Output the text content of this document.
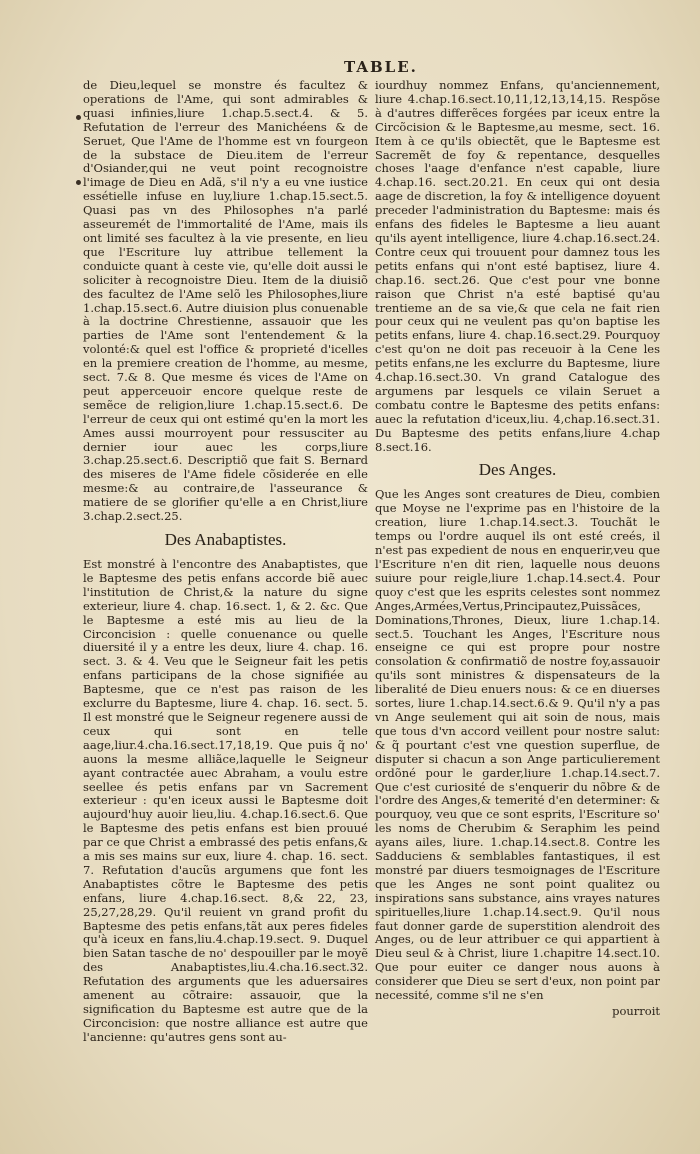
TABLE.

de Dieu,lequel se monstre és facultez & operations de l'Ame, qui sont admirables & quasi infinies,liure 1.chap.5.sect.4. & 5. Refutation de l'erreur des Manichéens & de Seruet, Que l'Ame de l'homme est vn fourgeon de la substace de Dieu.item de l'erreur d'Osiander,qui ne veut point recognoistre l'image de Dieu en Adã, s'il n'y a eu vne iustice essétielle infuse en luy,liure 1.chap.15.sect.5. Quasi pas vn des Philosophes n'a parlé asseuremét de l'immortalité de l'Ame, mais ils ont limité ses facultez à la vie presente, en lieu que l'Escriture luy attribue tellement la conduicte quant à ceste vie, qu'elle doit aussi le soliciter à recognoistre Dieu. Item de la diuisiõ des facultez de l'Ame selõ les Philosophes,liure 1.chap.15.sect.6. Autre diuision plus conuenable à la doctrine Chrestienne, assauoir que les parties de l'Ame sont l'entendement & la volonté:& quel est l'office & proprieté d'icelles en la premiere creation de l'homme, au mesme, sect. 7.& 8. Que mesme és vices de l'Ame on peut apperceuoir encore quelque reste de semẽce de religion,liure 1.chap.15.sect.6. De l'erreur de ceux qui ont estimé qu'en la mort les Ames aussi mourroyent pour ressusciter au dernier iour auec les corps,liure 3.chap.25.sect.6. Descriptiõ que fait S. Bernard des miseres de l'Ame fidele cõsiderée en elle mesme:& au contraire,de l'asseurance & matiere de se glorifier qu'elle a en Christ,liure 3.chap.2.sect.25.

Des Anabaptistes.

Est monstré à l'encontre des Anabaptistes, que le Baptesme des petis enfans accorde biẽ auec l'institution de Christ,& la nature du signe exterieur, liure 4. chap. 16.sect. 1, & 2. &c. Que le Baptesme a esté mis au lieu de la Circoncision : quelle conuenance ou quelle diuersité il y a entre les deux, liure 4. chap. 16. sect. 3. & 4. Veu que le Seigneur fait les petis enfans participans de la chose signifiée au Baptesme, que ce n'est pas raison de les exclurre du Baptesme, liure 4. chap. 16. sect. 5. Il est monstré que le Seigneur regenere aussi de ceux qui sont en telle aage,liur.4.cha.16.sect.17,18,19. Que puis q̃ no' auons la mesme alliãce,laquelle le Seigneur ayant contractée auec Abraham, a voulu estre seellee és petis enfans par vn Sacrement exterieur : qu'en iceux aussi le Baptesme doit aujourd'huy auoir lieu,liu. 4.chap.16.sect.6. Que le Baptesme des petis enfans est bien prouué par ce que Christ a embrassé des petis enfans,& a mis ses mains sur eux, liure 4. chap. 16. sect. 7. Refutation d'aucũs argumens que font les Anabaptistes cõtre le Baptesme des petis enfans, liure 4.chap.16.sect. 8,& 22, 23, 25,27,28,29. Qu'il reuient vn grand profit du Baptesme des petis enfans,tãt aux peres fideles qu'à iceux en fans,liu.4.chap.19.sect. 9. Duquel bien Satan tasche de no' despouiller par le moyẽ des Anabaptistes,liu.4.cha.16.sect.32. Refutation des arguments que les aduersaires amenent au cõtraire: assauoir, que la signification du Baptesme est autre que de la Circoncision: que nostre alliance est autre que l'ancienne: qu'autres gens sont au-

iourdhuy nommez Enfans, qu'anciennement, liure 4.chap.16.sect.10,11,12,13,14,15. Respõse à d'autres differẽces forgées par iceux entre la Circõcision & le Baptesme,au mesme, sect. 16. Item à ce qu'ils obiectẽt, que le Baptesme est Sacremẽt de foy & repentance, desquelles choses l'aage d'enfance n'est capable, liure 4.chap.16. sect.20.21. En ceux qui ont desia aage de discretion, la foy & intelligence doyuent preceder l'administration du Baptesme: mais és enfans des fideles le Baptesme a lieu auant qu'ils ayent intelligence, liure 4.chap.16.sect.24. Contre ceux qui trouuent pour damnez tous les petits enfans qui n'ont esté baptisez, liure 4. chap.16. sect.26. Que c'est pour vne bonne raison que Christ n'a esté baptisé qu'au trentieme an de sa vie,& que cela ne fait rien pour ceux qui ne veulent pas qu'on baptise les petits enfans, liure 4. chap.16.sect.29. Pourquoy c'est qu'on ne doit pas receuoir à la Cene les petits enfans,ne les exclurre du Baptesme, liure 4.chap.16.sect.30. Vn grand Catalogue des argumens par lesquels ce vilain Seruet a combatu contre le Baptesme des petits enfans: auec la refutation d'iceux,liu. 4,chap.16.sect.31. Du Baptesme des petits enfans,liure 4.chap 8.sect.16.

Des Anges.

Que les Anges sont creatures de Dieu, combien que Moyse ne l'exprime pas en l'histoire de la creation, liure 1.chap.14.sect.3. Touchãt le temps ou l'ordre auquel ils ont esté creés, il n'est pas expedient de nous en enquerir,veu que l'Escriture n'en dit rien, laquelle nous deuons suiure pour reigle,liure 1.chap.14.sect.4. Pour quoy c'est que les esprits celestes sont nommez Anges,Armées,Vertus,Principautez,Puissãces, Dominations,Thrones, Dieux, liure 1.chap.14. sect.5. Touchant les Anges, l'Escriture nous enseigne ce qui est propre pour nostre consolation & confirmatiõ de nostre foy,assauoir qu'ils sont ministres & dispensateurs de la liberalité de Dieu enuers nous: & ce en diuerses sortes, liure 1.chap.14.sect.6.& 9. Qu'il n'y a pas vn Ange seulement qui ait soin de nous, mais que tous d'vn accord veillent pour nostre salut: & q̃ pourtant c'est vne question superflue, de disputer si chacun a son Ange particulierement ordõné pour le garder,liure 1.chap.14.sect.7. Que c'est curiosité de s'enquerir du nõbre & de l'ordre des Anges,& temerité d'en determiner: & pourquoy, veu que ce sont esprits, l'Escriture so' les noms de Cherubim & Seraphim les peind ayans ailes, liure. 1.chap.14.sect.8. Contre les Sadduciens & semblables fantastiques, il est monstré par diuers tesmoignages de l'Escriture que les Anges ne sont point qualitez ou inspirations sans substance, ains vrayes natures spirituelles,liure 1.chap.14.sect.9. Qu'il nous faut donner garde de superstition alendroit des Anges, ou de leur attribuer ce qui appartient à Dieu seul & à Christ, liure 1.chapitre 14.sect.10. Que pour euiter ce danger nous auons à considerer que Dieu se sert d'eux, non point par necessité, comme s'il ne s'en

pourroit
